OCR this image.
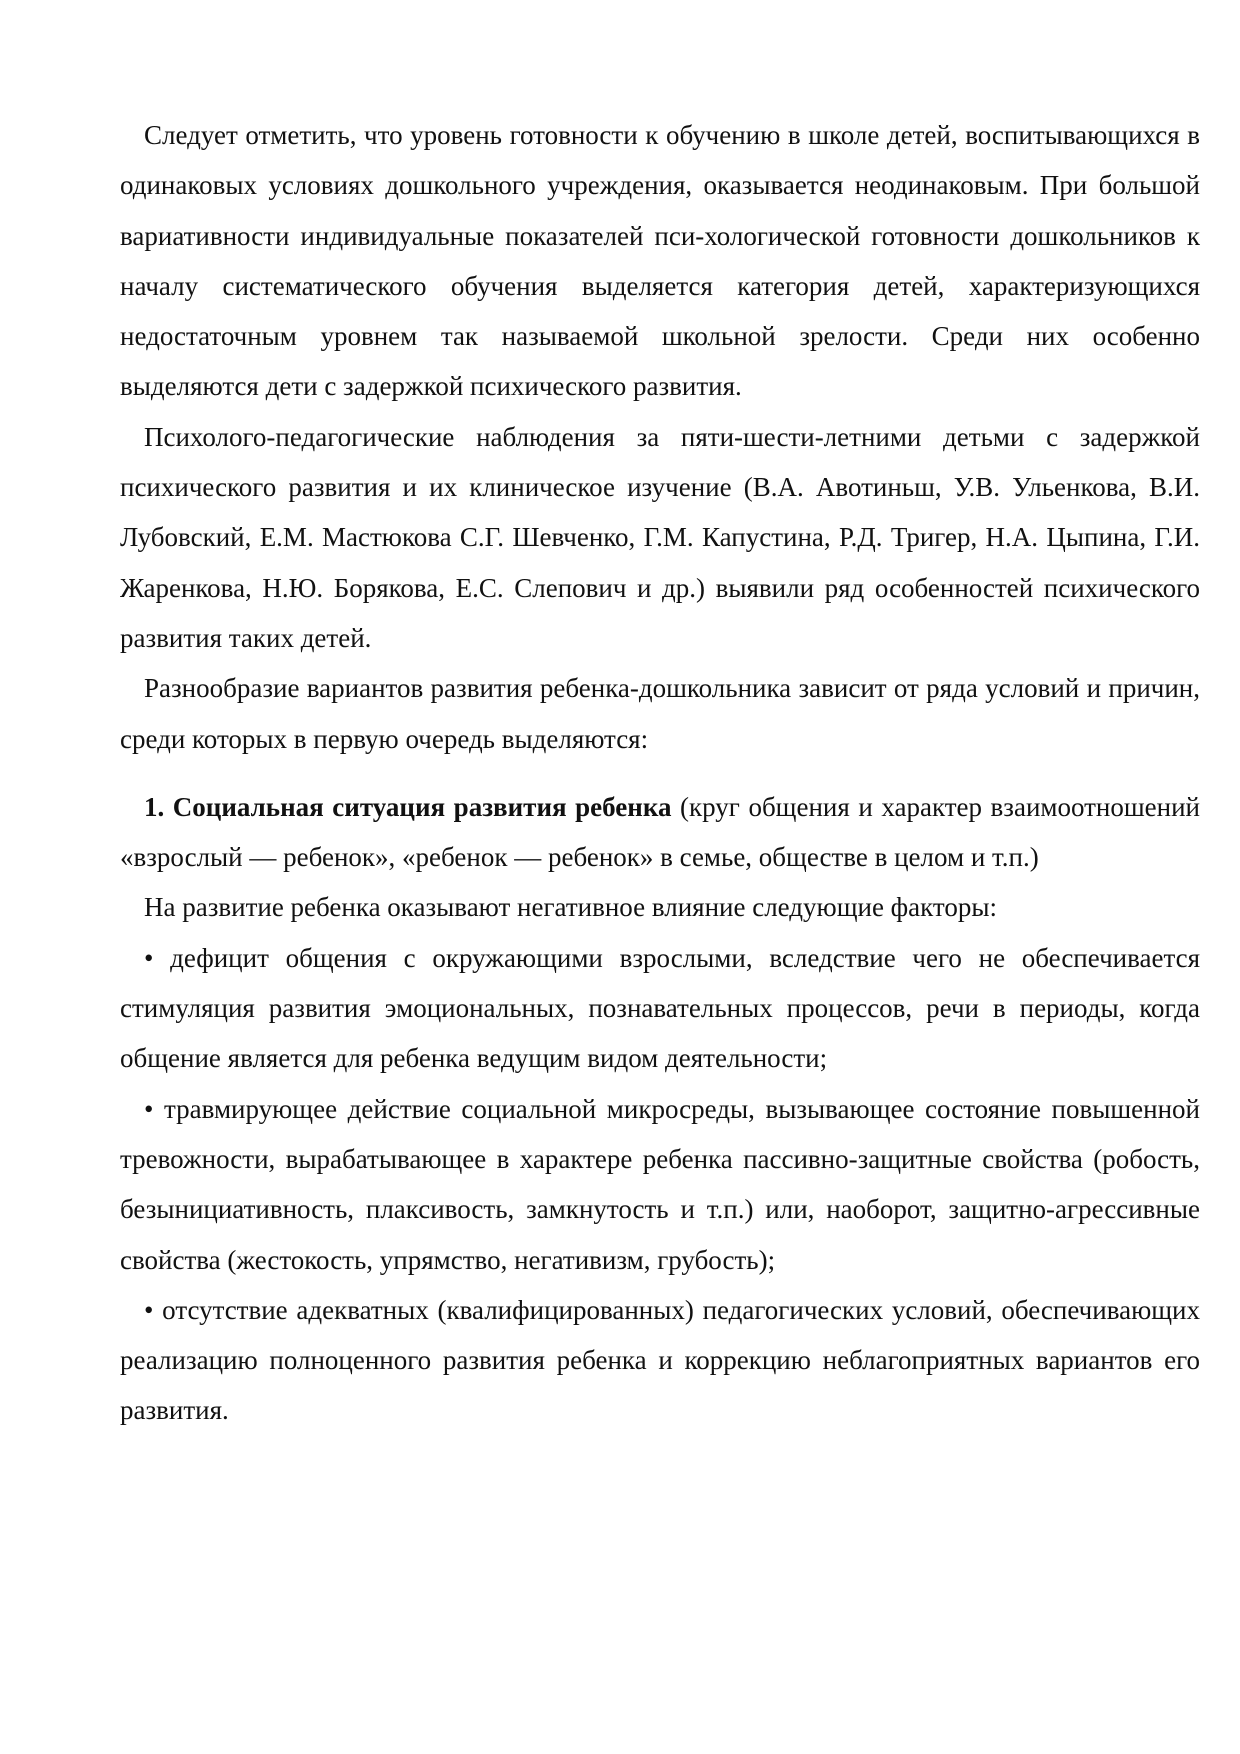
Следует отметить, что уровень готовности к обучению в школе детей, воспитывающихся в одинаковых условиях дошкольного учреждения, оказывается неодинаковым. При большой вариативности индивидуальные показателей пси-хологической готовности дошкольников к началу систематического обучения выделяется категория детей, характеризующихся недостаточным уровнем так называемой школьной зрелости. Среди них особенно выделяются дети с задержкой психического развития.

Психолого-педагогические наблюдения за пяти-шести-летними детьми с задержкой психического развития и их клиническое изучение (В.А. Авотиньш, У.В. Ульенкова, В.И. Лубовский, Е.М. Мастюкова С.Г. Шевченко, Г.М. Капустина, Р.Д. Тригер, Н.А. Цыпина, Г.И. Жаренкова, Н.Ю. Борякова, Е.С. Слепович и др.) выявили ряд особенностей психического развития таких детей.

Разнообразие вариантов развития ребенка-дошкольника зависит от ряда условий и причин, среди которых в первую очередь выделяются:

1. Социальная ситуация развития ребенка (круг общения и характер взаимоотношений «взрослый — ребенок», «ребенок — ребенок» в семье, обществе в целом и т.п.)

На развитие ребенка оказывают негативное влияние следующие факторы:

• дефицит общения с окружающими взрослыми, вследствие чего не обеспечивается стимуляция развития эмоциональных, познавательных процессов, речи в периоды, когда общение является для ребенка ведущим видом деятельности;

• травмирующее действие социальной микросреды, вызывающее состояние повышенной тревожности, вырабатывающее в характере ребенка пассивно-защитные свойства (робость, безынициативность, плаксивость, замкнутость и т.п.) или, наоборот, защитно-агрессивные свойства (жестокость, упрямство, негативизм, грубость);

• отсутствие адекватных (квалифицированных) педагогических условий, обеспечивающих реализацию полноценного развития ребенка и коррекцию неблагоприятных вариантов его развития.
